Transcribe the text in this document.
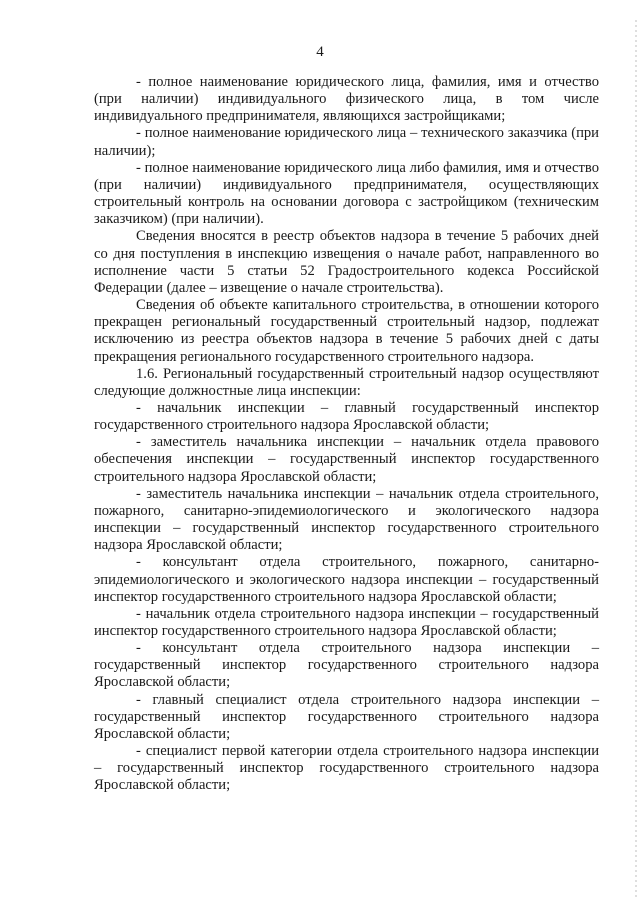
4

- полное наименование юридического лица, фамилия, имя и отчество (при наличии) индивидуального физического лица, в том числе индивидуального предпринимателя, являющихся застройщиками;

- полное наименование юридического лица – технического заказчика (при наличии);

- полное наименование юридического лица либо фамилия, имя и отчество (при наличии) индивидуального предпринимателя, осуществляющих строительный контроль на основании договора с застройщиком (техническим заказчиком) (при наличии).

Сведения вносятся в реестр объектов надзора в течение 5 рабочих дней со дня поступления в инспекцию извещения о начале работ, направленного во исполнение части 5 статьи 52 Градостроительного кодекса Российской Федерации (далее – извещение о начале строительства).

Сведения об объекте капитального строительства, в отношении которого прекращен региональный государственный строительный надзор, подлежат исключению из реестра объектов надзора в течение 5 рабочих дней с даты прекращения регионального государственного строительного надзора.

1.6. Региональный государственный строительный надзор осуществляют следующие должностные лица инспекции:

- начальник инспекции – главный государственный инспектор государственного строительного надзора Ярославской области;

- заместитель начальника инспекции – начальник отдела правового обеспечения инспекции – государственный инспектор государственного строительного надзора Ярославской области;

- заместитель начальника инспекции – начальник отдела строительного, пожарного, санитарно-эпидемиологического и экологического надзора инспекции – государственный инспектор государственного строительного надзора Ярославской области;

- консультант отдела строительного, пожарного, санитарно-эпидемиологического и экологического надзора инспекции – государственный инспектор государственного строительного надзора Ярославской области;

- начальник отдела строительного надзора инспекции – государственный инспектор государственного строительного надзора Ярославской области;

- консультант отдела строительного надзора инспекции – государственный инспектор государственного строительного надзора Ярославской области;

- главный специалист отдела строительного надзора инспекции – государственный инспектор государственного строительного надзора Ярославской области;

- специалист первой категории отдела строительного надзора инспекции – государственный инспектор государственного строительного надзора Ярославской области;
